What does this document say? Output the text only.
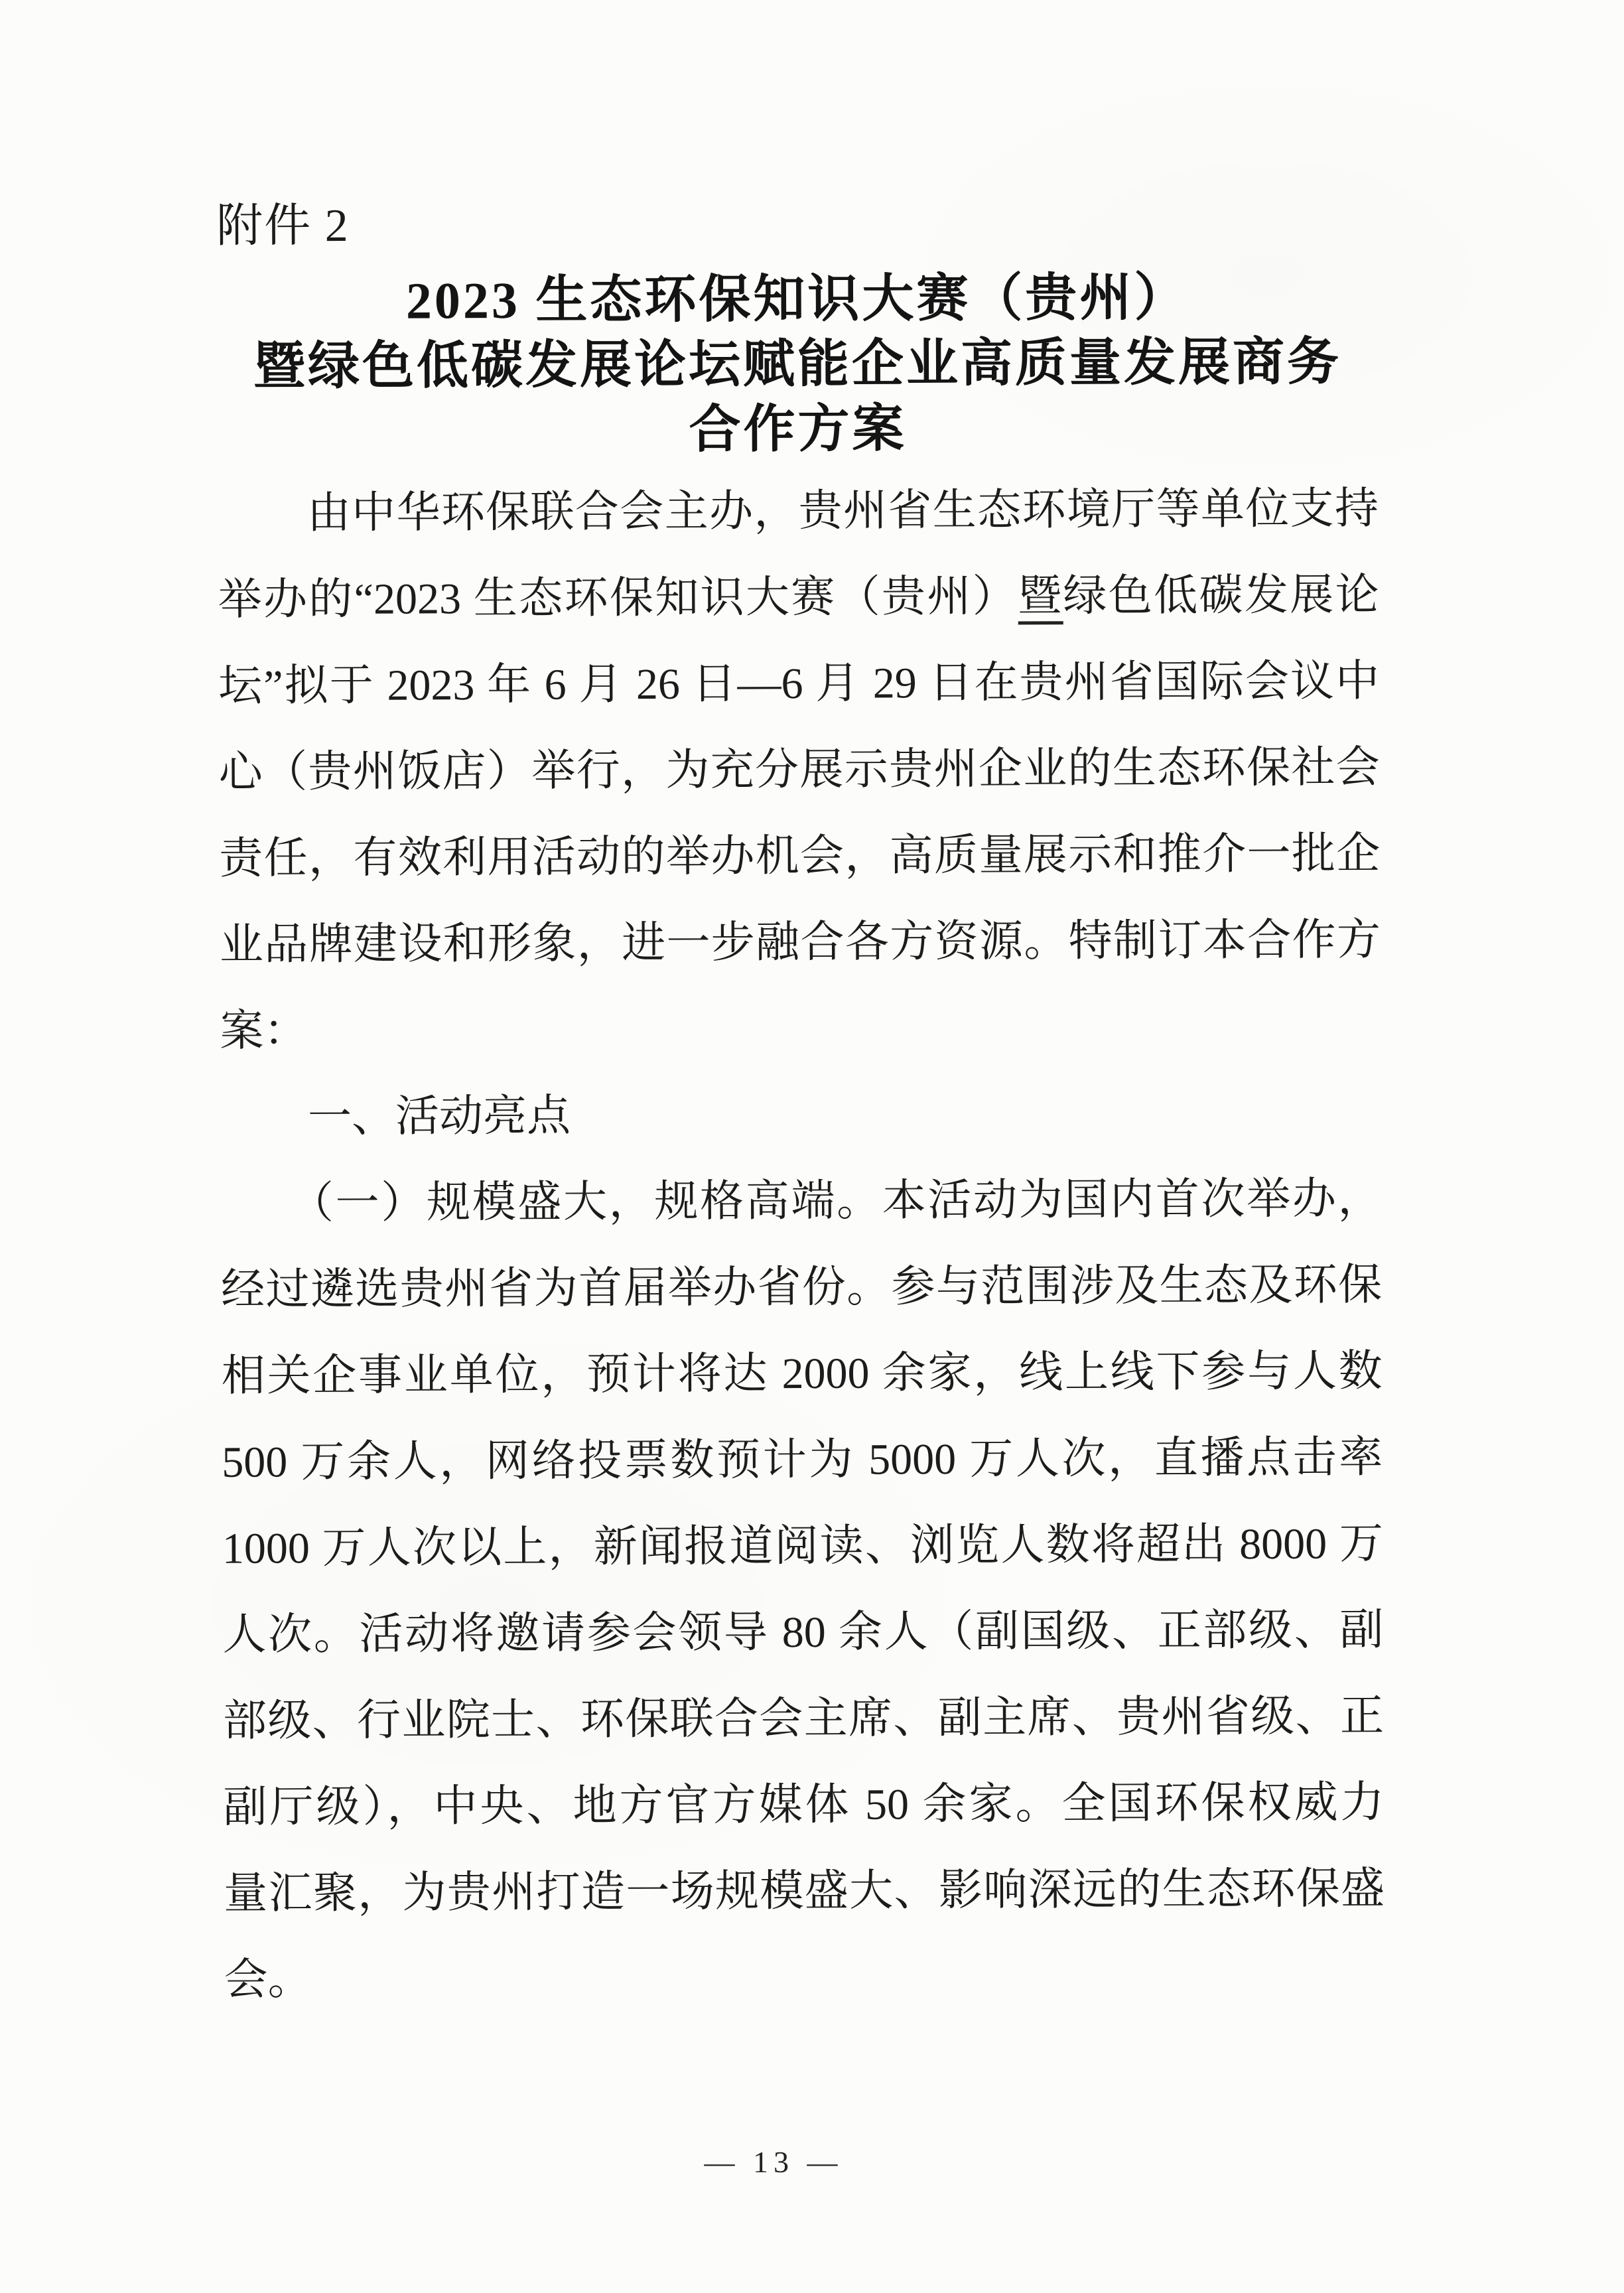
附件 2
2023 生态环保知识大赛（贵州）
暨绿色低碳发展论坛赋能企业高质量发展商务
合作方案
　　由中华环保联合会主办，贵州省生态环境厅等单位支持
举办的“2023 生态环保知识大赛（贵州）暨绿色低碳发展论
坛”拟于 2023 年 6 月 26 日—6 月 29 日在贵州省国际会议中
心（贵州饭店）举行，为充分展示贵州企业的生态环保社会
责任，有效利用活动的举办机会，高质量展示和推介一批企
业品牌建设和形象，进一步融合各方资源。特制订本合作方
案：
　　一、活动亮点
　　（一）规模盛大，规格高端。本活动为国内首次举办，
经过遴选贵州省为首届举办省份。参与范围涉及生态及环保
相关企事业单位，预计将达 2000 余家，线上线下参与人数
500 万余人，网络投票数预计为 5000 万人次，直播点击率
1000 万人次以上，新闻报道阅读、浏览人数将超出 8000 万
人次。活动将邀请参会领导 80 余人（副国级、正部级、副
部级、行业院士、环保联合会主席、副主席、贵州省级、正
副厅级），中央、地方官方媒体 50 余家。全国环保权威力
量汇聚，为贵州打造一场规模盛大、影响深远的生态环保盛
会。
— 13 —
